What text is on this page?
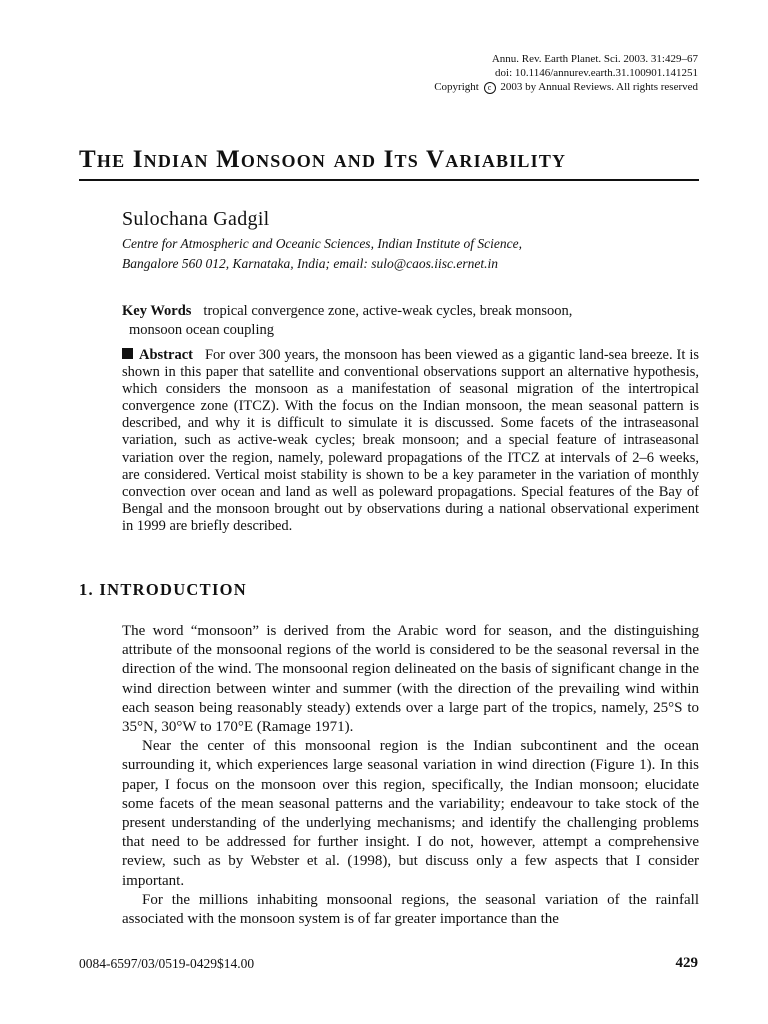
Annu. Rev. Earth Planet. Sci. 2003. 31:429–67
doi: 10.1146/annurev.earth.31.100901.141251
Copyright c 2003 by Annual Reviews. All rights reserved
The Indian Monsoon and Its Variability
Sulochana Gadgil
Centre for Atmospheric and Oceanic Sciences, Indian Institute of Science,
Bangalore 560 012, Karnataka, India; email: sulo@caos.iisc.ernet.in
Key Words tropical convergence zone, active-weak cycles, break monsoon,
monsoon ocean coupling
Abstract For over 300 years, the monsoon has been viewed as a gigantic land-sea breeze. It is shown in this paper that satellite and conventional observations support an alternative hypothesis, which considers the monsoon as a manifestation of seasonal migration of the intertropical convergence zone (ITCZ). With the focus on the Indian monsoon, the mean seasonal pattern is described, and why it is difficult to simulate it is discussed. Some facets of the intraseasonal variation, such as active-weak cycles; break monsoon; and a special feature of intraseasonal variation over the region, namely, poleward propagations of the ITCZ at intervals of 2–6 weeks, are considered. Vertical moist stability is shown to be a key parameter in the variation of monthly convection over ocean and land as well as poleward propagations. Special features of the Bay of Bengal and the monsoon brought out by observations during a national observational experiment in 1999 are briefly described.
1. INTRODUCTION

The word “monsoon” is derived from the Arabic word for season, and the distinguishing attribute of the monsoonal regions of the world is considered to be the seasonal reversal in the direction of the wind. The monsoonal region delineated on the basis of significant change in the wind direction between winter and summer (with the direction of the prevailing wind within each season being reasonably steady) extends over a large part of the tropics, namely, 25°S to 35°N, 30°W to 170°E (Ramage 1971).

Near the center of this monsoonal region is the Indian subcontinent and the ocean surrounding it, which experiences large seasonal variation in wind direction (Figure 1). In this paper, I focus on the monsoon over this region, specifically, the Indian monsoon; elucidate some facets of the mean seasonal patterns and the variability; endeavour to take stock of the present understanding of the underlying mechanisms; and identify the challenging problems that need to be addressed for further insight. I do not, however, attempt a comprehensive review, such as by Webster et al. (1998), but discuss only a few aspects that I consider important.

For the millions inhabiting monsoonal regions, the seasonal variation of the rainfall associated with the monsoon system is of far greater importance than the

0084-6597/03/0519-0429$14.00	429
